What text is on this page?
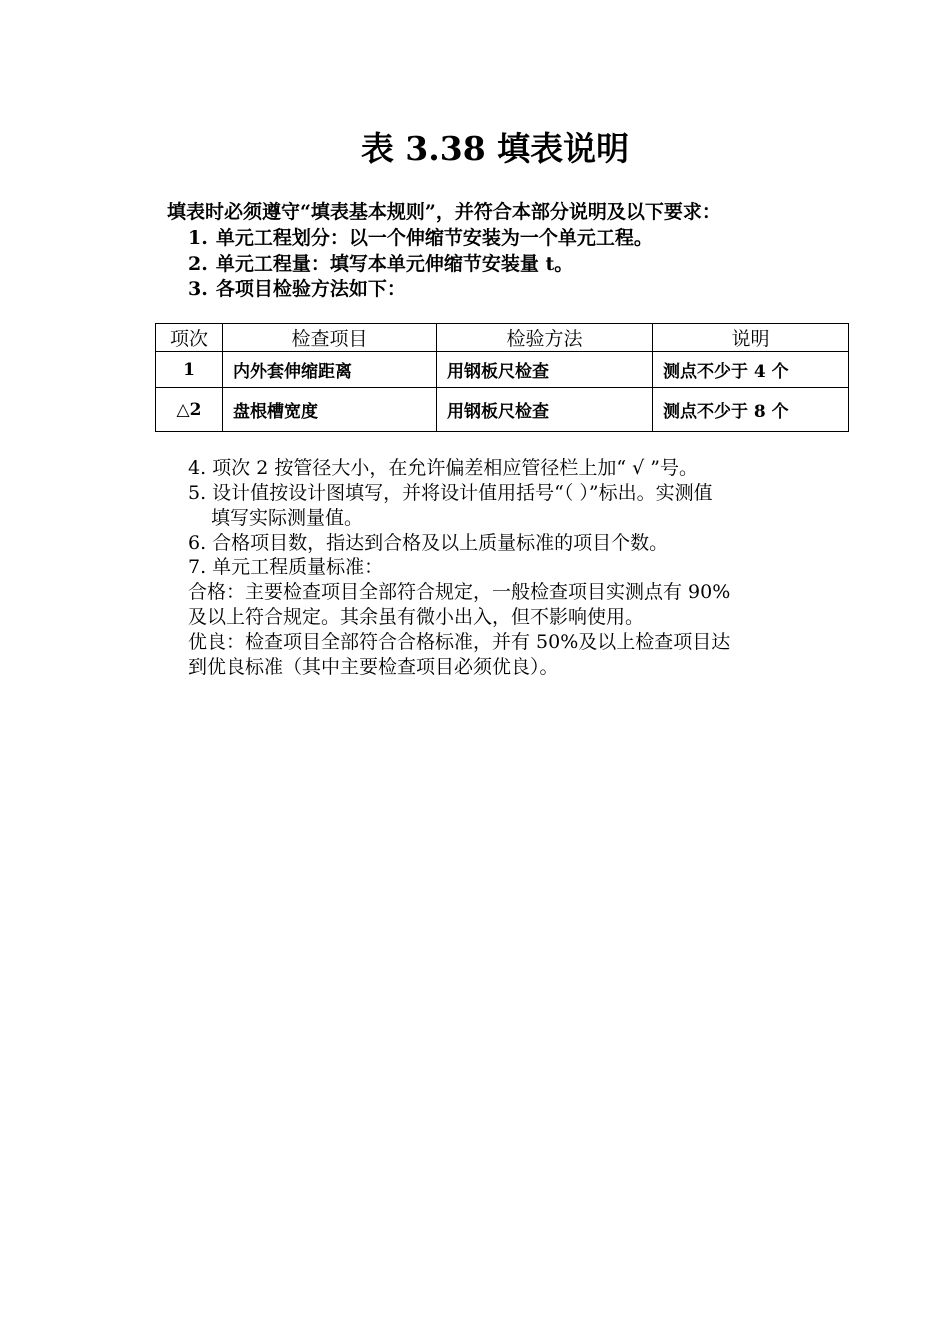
表 3.38 填表说明
填表时必须遵守“填表基本规则”，并符合本部分说明及以下要求：
1. 单元工程划分：以一个伸缩节安装为一个单元工程。
2. 单元工程量：填写本单元伸缩节安装量 t。
3. 各项目检验方法如下：
项次	检查项目	检验方法	说明
1	内外套伸缩距离	用钢板尺检查	测点不少于 4 个
△2	盘根槽宽度	用钢板尺检查	测点不少于 8 个
4. 项次 2 按管径大小，在允许偏差相应管径栏上加“ √ ”号。
5. 设计值按设计图填写，并将设计值用括号“（ ）”标出。实测值
填写实际测量值。
6. 合格项目数，指达到合格及以上质量标准的项目个数。
7. 单元工程质量标准：
合格：主要检查项目全部符合规定，一般检查项目实测点有 90%
及以上符合规定。其余虽有微小出入，但不影响使用。
优良：检查项目全部符合合格标准，并有 50%及以上检查项目达
到优良标准（其中主要检查项目必须优良）。
